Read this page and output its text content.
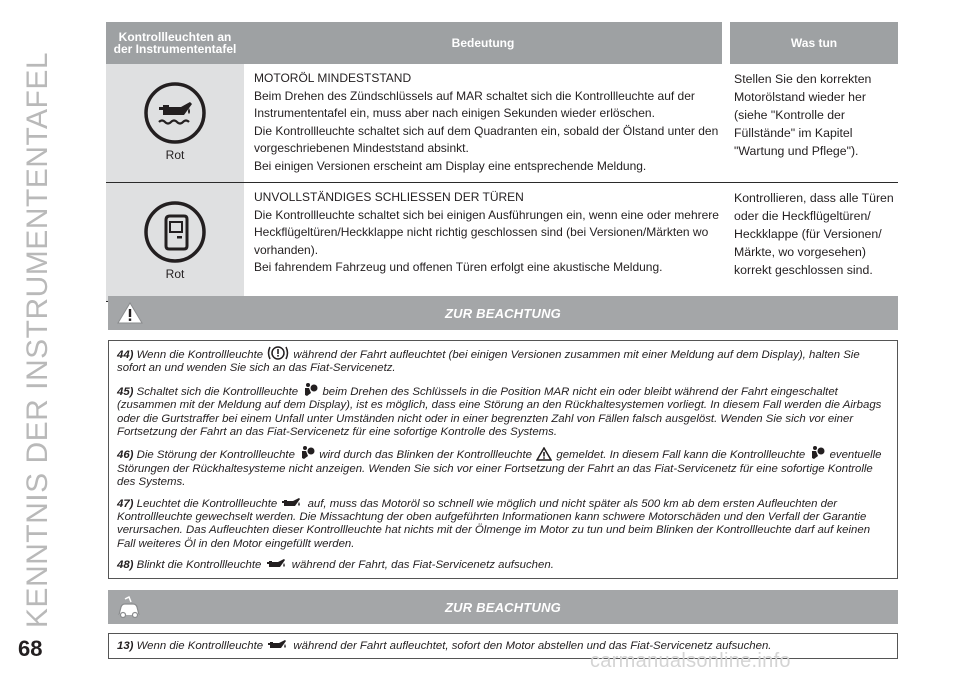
KENNTNIS DER INSTRUMENTENTAFEL
Kontrollleuchten an der Instrumententafel	Bedeutung	Was tun

Rot	MOTORÖL MINDESTSTAND
Beim Drehen des Zündschlüssels auf MAR schaltet sich die Kontrollleuchte auf der Instrumententafel ein, muss aber nach einigen Sekunden wieder erlöschen.
Die Kontrollleuchte schaltet sich auf dem Quadranten ein, sobald der Ölstand unter den vorgeschriebenen Mindeststand absinkt.
Bei einigen Versionen erscheint am Display eine entsprechende Meldung.	Stellen Sie den korrekten Motorölstand wieder her (siehe "Kontrolle der Füllstände" im Kapitel "Wartung und Pflege").

Rot	UNVOLLSTÄNDIGES SCHLIESSEN DER TÜREN
Die Kontrollleuchte schaltet sich bei einigen Ausführungen ein, wenn eine oder mehrere Heckflügeltüren/Heckklappe nicht richtig geschlossen sind (bei Versionen/Märkten wo vorhanden).
Bei fahrendem Fahrzeug und offenen Türen erfolgt eine akustische Meldung.	Kontrollieren, dass alle Türen oder die Heckflügeltüren/ Heckklappe (für Versionen/ Märkte, wo vorgesehen) korrekt geschlossen sind.
ZUR BEACHTUNG

44) Wenn die Kontrollleuchte	während der Fahrt aufleuchtet (bei einigen Versionen zusammen mit einer Meldung auf dem Display), halten Sie sofort an und wenden Sie sich an das Fiat-Servicenetz.

45) Schaltet sich die Kontrollleuchte beim Drehen des Schlüssels in die Position MAR nicht ein oder bleibt während der Fahrt eingeschaltet (zusammen mit der Meldung auf dem Display), ist es möglich, dass eine Störung an den Rückhaltesystemen vorliegt. In diesem Fall werden die Airbags oder die Gurtstraffer bei einem Unfall unter Umständen nicht oder in einer begrenzten Zahl von Fällen falsch ausgelöst. Wenden Sie sich vor einer Fortsetzung der Fahrt an das Fiat-Servicenetz für eine sofortige Kontrolle des Systems.

46) Die Störung der Kontrollleuchte wird durch das Blinken der Kontrollleuchte gemeldet. In diesem Fall kann die Kontrollleuchte eventuelle Störungen der Rückhaltesysteme nicht anzeigen. Wenden Sie sich vor einer Fortsetzung der Fahrt an das Fiat-Servicenetz für eine sofortige Kontrolle des Systems.

47) Leuchtet die Kontrollleuchte	auf, muss das Motoröl so schnell wie möglich und nicht später als 500 km ab dem ersten Aufleuchten der Kontrollleuchte gewechselt werden. Die Missachtung der oben aufgeführten Informationen kann schwere Motorschäden und den Verfall der Garantie verursachen. Das Aufleuchten dieser Kontrollleuchte hat nichts mit der Ölmenge im Motor zu tun und beim Blinken der Kontrollleuchte darf auf keinen Fall weiteres Öl in den Motor eingefüllt werden.

48) Blinkt die Kontrollleuchte	während der Fahrt, das Fiat-Servicenetz aufsuchen.

ZUR BEACHTUNG

13) Wenn die Kontrollleuchte	während der Fahrt aufleuchtet, sofort den Motor abstellen und das Fiat-Servicenetz aufsuchen.

68	carmanualsonline.info
